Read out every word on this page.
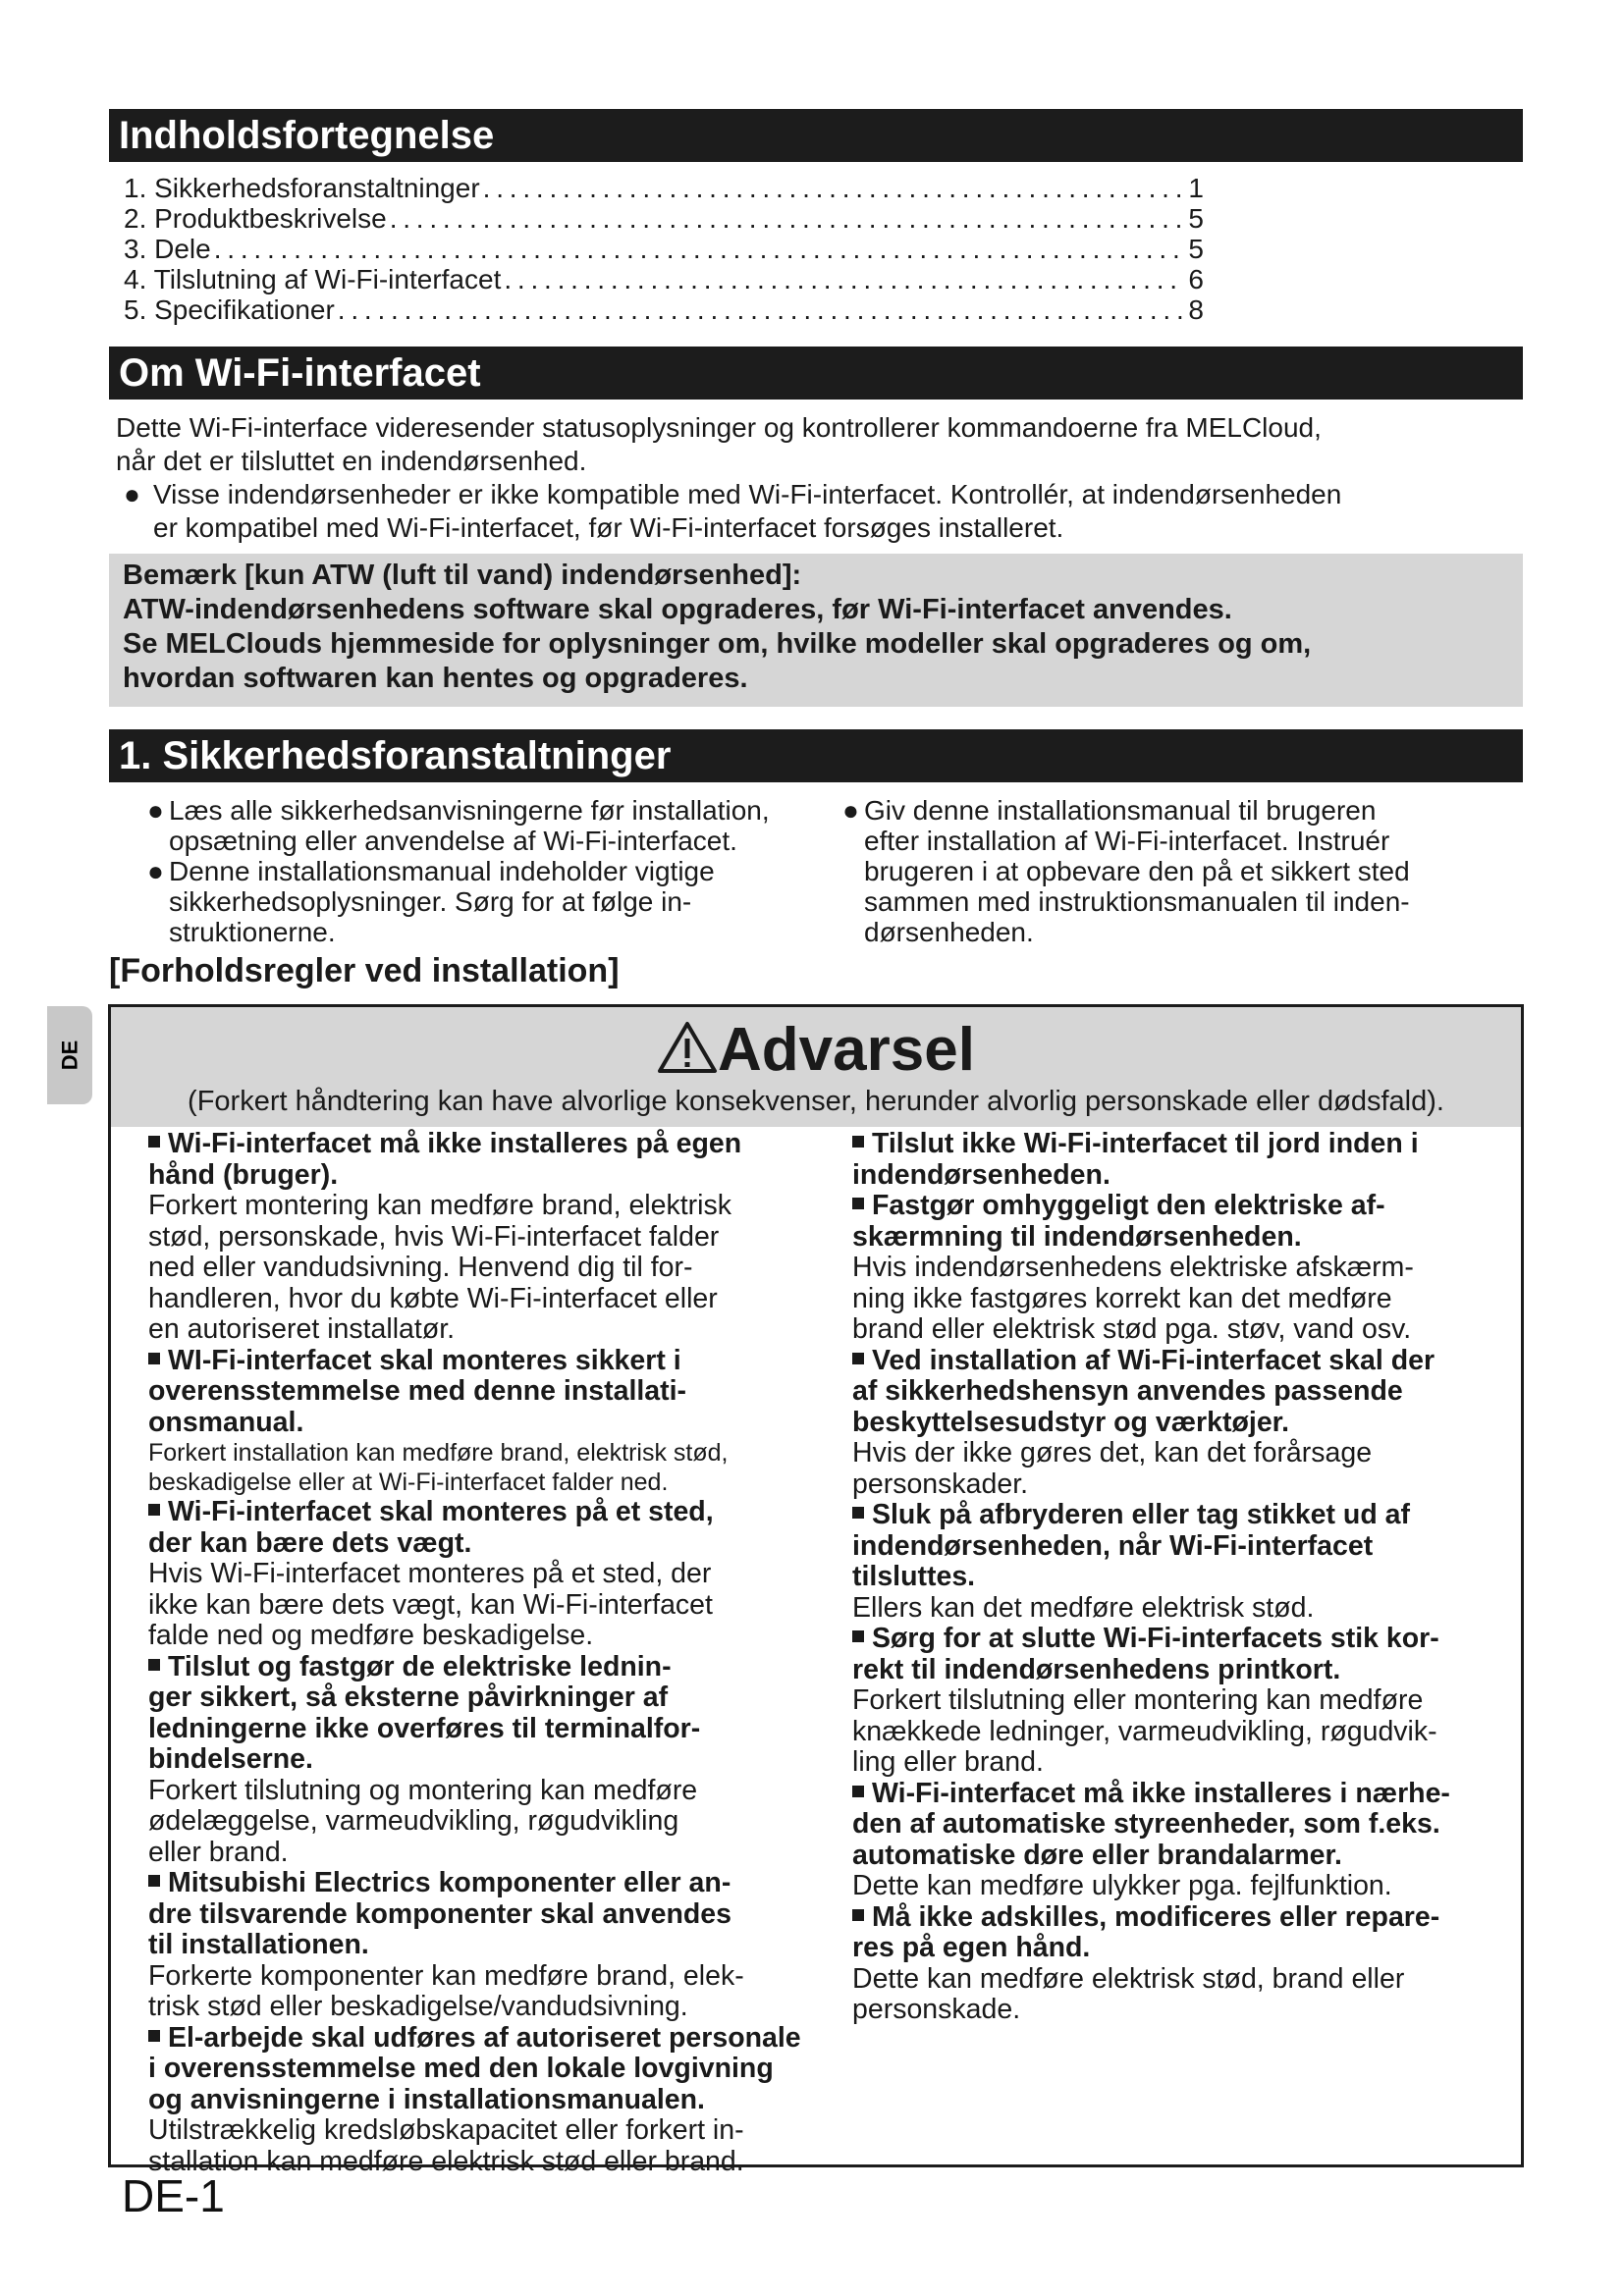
Indholdsfortegnelse
1. Sikkerhedsforanstaltninger . . .	1
2. Produktbeskrivelse . . .	5
3. Dele . . .	5
4. Tilslutning af Wi-Fi-interfacet . . .	6
5. Specifikationer . . .	8
Om Wi-Fi-interfacet
Dette Wi-Fi-interface videresender statusoplysninger og kontrollerer kommandoerne fra MELCloud,
når det er tilsluttet en indendørsenhed.
● Visse indendørsenheder er ikke kompatible med Wi-Fi-interfacet. Kontrollér, at indendørsenheden
er kompatibel med Wi-Fi-interfacet, før Wi-Fi-interfacet forsøges installeret.
Bemærk [kun ATW (luft til vand) indendørsenhed]:
ATW-indendørsenhedens software skal opgraderes, før Wi-Fi-interfacet anvendes.
Se MELClouds hjemmeside for oplysninger om, hvilke modeller skal opgraderes og om,
hvordan softwaren kan hentes og opgraderes.
1. Sikkerhedsforanstaltninger
● Læs alle sikkerhedsanvisningerne før installation,
opsætning eller anvendelse af Wi-Fi-interfacet.
● Denne installationsmanual indeholder vigtige
sikkerhedsoplysninger. Sørg for at følge in-
struktionerne.
● Giv denne installationsmanual til brugeren
efter installation af Wi-Fi-interfacet. Instruér
brugeren i at opbevare den på et sikkert sted
sammen med instruktionsmanualen til inden-
dørsenheden.
[Forholdsregler ved installation]
DE	Advarsel
(Forkert håndtering kan have alvorlige konsekvenser, herunder alvorlig personskade eller dødsfald).
Wi-Fi-interfacet må ikke installeres på egen
hånd (bruger).
Forkert montering kan medføre brand, elektrisk
stød, personskade, hvis Wi-Fi-interfacet falder
ned eller vandudsivning. Henvend dig til for-
handleren, hvor du købte Wi-Fi-interfacet eller
en autoriseret installatør.
WI-Fi-interfacet skal monteres sikkert i
overensstemmelse med denne installati-
onsmanual.
Forkert installation kan medføre brand, elektrisk stød,
beskadigelse eller at Wi-Fi-interfacet falder ned.
Wi-Fi-interfacet skal monteres på et sted,
der kan bære dets vægt.
Hvis Wi-Fi-interfacet monteres på et sted, der
ikke kan bære dets vægt, kan Wi-Fi-interfacet
falde ned og medføre beskadigelse.
Tilslut og fastgør de elektriske lednin-
ger sikkert, så eksterne påvirkninger af
ledningerne ikke overføres til terminalfor-
bindelserne.
Forkert tilslutning og montering kan medføre
ødelæggelse, varmeudvikling, røgudvikling
eller brand.
Mitsubishi Electrics komponenter eller an-
dre tilsvarende komponenter skal anvendes
til installationen.
Forkerte komponenter kan medføre brand, elek-
trisk stød eller beskadigelse/vandudsivning.
El-arbejde skal udføres af autoriseret personale
i overensstemmelse med den lokale lovgivning
og anvisningerne i installationsmanualen.
Utilstrækkelig kredsløbskapacitet eller forkert in-
stallation kan medføre elektrisk stød eller brand.
Tilslut ikke Wi-Fi-interfacet til jord inden i
indendørsenheden.
Fastgør omhyggeligt den elektriske af-
skærmning til indendørsenheden.
Hvis indendørsenhedens elektriske afskærm-
ning ikke fastgøres korrekt kan det medføre
brand eller elektrisk stød pga. støv, vand osv.
Ved installation af Wi-Fi-interfacet skal der
af sikkerhedshensyn anvendes passende
beskyttelsesudstyr og værktøjer.
Hvis der ikke gøres det, kan det forårsage
personskader.
Sluk på afbryderen eller tag stikket ud af
indendørsenheden, når Wi-Fi-interfacet
tilsluttes.
Ellers kan det medføre elektrisk stød.
Sørg for at slutte Wi-Fi-interfacets stik kor-
rekt til indendørsenhedens printkort.
Forkert tilslutning eller montering kan medføre
knækkede ledninger, varmeudvikling, røgudvik-
ling eller brand.
Wi-Fi-interfacet må ikke installeres i nærhe-
den af automatiske styreenheder, som f.eks.
automatiske døre eller brandalarmer.
Dette kan medføre ulykker pga. fejlfunktion.
Må ikke adskilles, modificeres eller repare-
res på egen hånd.
Dette kan medføre elektrisk stød, brand eller
personskade.
DE-1
